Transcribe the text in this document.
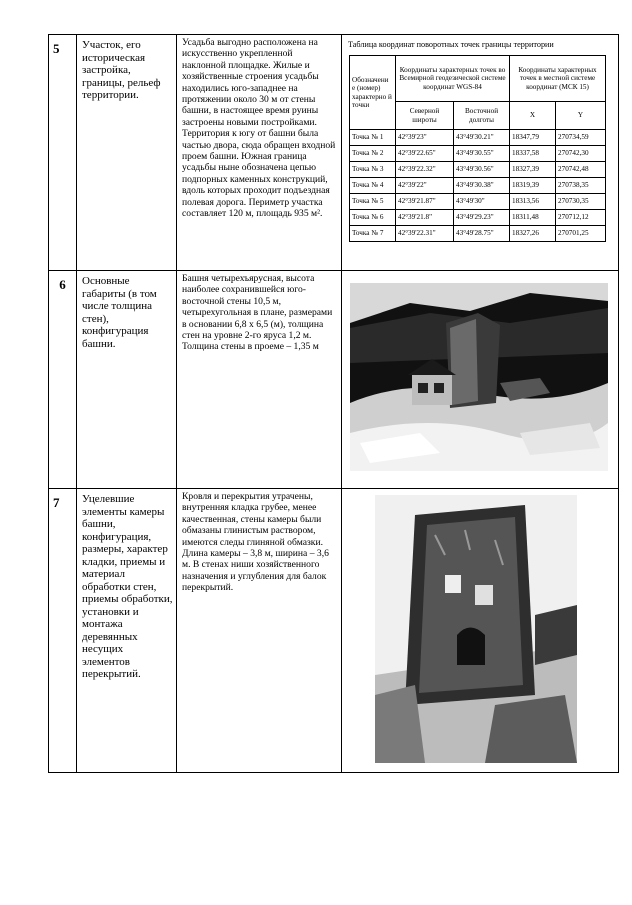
5	Участок, его историческая застройка, границы, рельеф территории.

Усадьба выгодно расположена на искусственно укрепленной наклонной площадке. Жилые и хозяйственные строения усадьбы находились юго-западнее на протяжении около 30 м от стены башни, в настоящее время руины застроены новыми постройками. Территория к югу от башни была частью двора, сюда обращен входной проем башни. Южная граница усадьбы ныне обозначена цепью подпорных каменных конструкций, вдоль которых проходит подъездная полевая дорога. Периметр участка составляет 120 м, площадь 935 м².

Таблица координат поворотных точек границы территории
Обозначени е (номер) характерно й точки	Координаты характерных точек во Всемирной геодезической системе координат WGS-84	Координаты характерных точек в местной системе координат (МСК 15)
Северной широты	Восточной долготы	X	Y
Точка № 1	42°39'23"	43°49'30.21"	18347,79	270734,59
Точка № 2	42°39'22.65"	43°49'30.55"	18337,58	270742,30
Точка № 3	42°39'22.32"	43°49'30.56"	18327,39	270742,48
Точка № 4	42°39'22"	43°49'30.38"	18319,39	270738,35
Точка № 5	42°39'21.87"	43°49'30"	18313,56	270730,35
Точка № 6	42°39'21.8"	43°49'29.23"	18311,48	270712,12
Точка № 7	42°39'22.31"	43°49'28.75"	18327,26	270701,25

6	Основные габариты (в том числе толщина стен), конфигурация башни.

Башня четырехъярусная, высота наиболее сохранившейся юго-восточной стены 10,5 м, четырехугольная в плане, размерами в основании 6,8 х 6,5 (м), толщина стен на уровне 2-го яруса 1,2 м. Толщина стены в проеме – 1,35 м

7	Уцелевшие элементы камеры башни, конфигурация, размеры, характер кладки, приемы и материал обработки стен, приемы обработки, установки и монтажа деревянных несущих элементов перекрытий.

Кровля и перекрытия утрачены, внутренняя кладка грубее, менее качественная, стены камеры были обмазаны глинистым раствором, имеются следы глиняной обмазки. Длина камеры – 3,8 м, ширина – 3,6 м. В стенах ниши хозяйственного назначения и углубления для балок перекрытий.
